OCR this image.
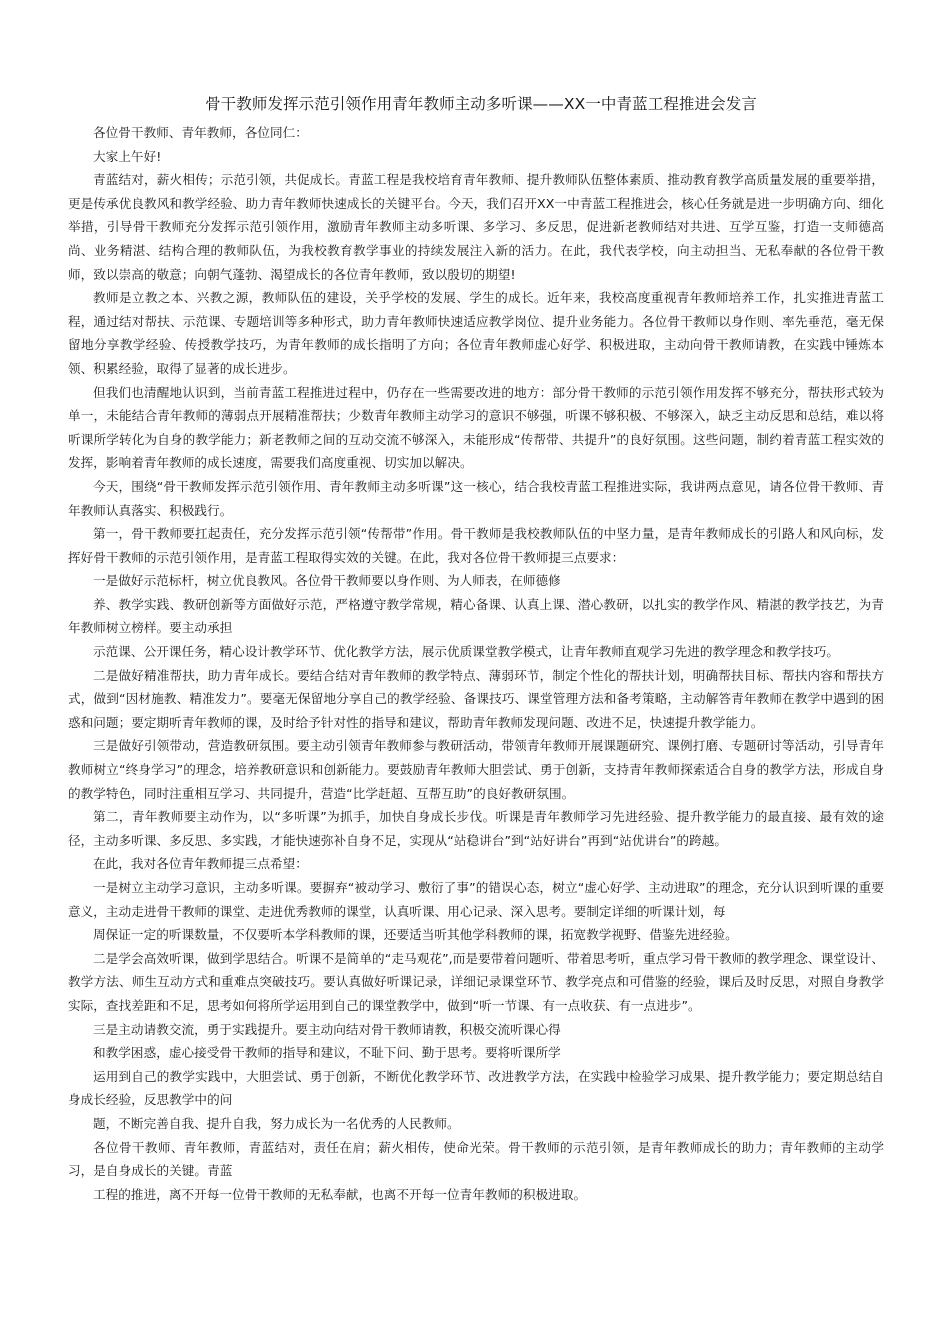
骨干教师发挥示范引领作用青年教师主动多听课——XX一中青蓝工程推进会发言

各位骨干教师、青年教师，各位同仁：

大家上午好!

青蓝结对，薪火相传；示范引领，共促成长。青蓝工程是我校培育青年教师、提升教师队伍整体素质、推动教育教学高质量发展的重要举措，更是传承优良教风和教学经验、助力青年教师快速成长的关键平台。今天，我们召开XX一中青蓝工程推进会，核心任务就是进一步明确方向、细化举措，引导骨干教师充分发挥示范引领作用，激励青年教师主动多听课、多学习、多反思，促进新老教师结对共进、互学互鉴，打造一支师德高尚、业务精湛、结构合理的教师队伍，为我校教育教学事业的持续发展注入新的活力。在此，我代表学校，向主动担当、无私奉献的各位骨干教师，致以崇高的敬意；向朝气蓬勃、渴望成长的各位青年教师，致以殷切的期望!

教师是立教之本、兴教之源，教师队伍的建设，关乎学校的发展、学生的成长。近年来，我校高度重视青年教师培养工作，扎实推进青蓝工程，通过结对帮扶、示范课、专题培训等多种形式，助力青年教师快速适应教学岗位、提升业务能力。各位骨干教师以身作则、率先垂范，毫无保留地分享教学经验、传授教学技巧，为青年教师的成长指明了方向；各位青年教师虚心好学、积极进取，主动向骨干教师请教，在实践中锤炼本领、积累经验，取得了显著的成长进步。

但我们也清醒地认识到，当前青蓝工程推进过程中，仍存在一些需要改进的地方：部分骨干教师的示范引领作用发挥不够充分，帮扶形式较为单一，未能结合青年教师的薄弱点开展精准帮扶；少数青年教师主动学习的意识不够强，听课不够积极、不够深入，缺乏主动反思和总结，难以将听课所学转化为自身的教学能力；新老教师之间的互动交流不够深入，未能形成“传帮带、共提升”的良好氛围。这些问题，制约着青蓝工程实效的发挥，影响着青年教师的成长速度，需要我们高度重视、切实加以解决。

今天，围绕“骨干教师发挥示范引领作用、青年教师主动多听课”这一核心，结合我校青蓝工程推进实际，我讲两点意见，请各位骨干教师、青年教师认真落实、积极践行。

第一，骨干教师要扛起责任，充分发挥示范引领“传帮带”作用。骨干教师是我校教师队伍的中坚力量，是青年教师成长的引路人和风向标，发挥好骨干教师的示范引领作用，是青蓝工程取得实效的关键。在此，我对各位骨干教师提三点要求：

一是做好示范标杆，树立优良教风。各位骨干教师要以身作则、为人师表，在师德修

养、教学实践、教研创新等方面做好示范，严格遵守教学常规，精心备课、认真上课、潜心教研，以扎实的教学作风、精湛的教学技艺，为青年教师树立榜样。要主动承担

示范课、公开课任务，精心设计教学环节、优化教学方法，展示优质课堂教学模式，让青年教师直观学习先进的教学理念和教学技巧。

二是做好精准帮扶，助力青年成长。要结合结对青年教师的教学特点、薄弱环节，制定个性化的帮扶计划，明确帮扶目标、帮扶内容和帮扶方式，做到“因材施教、精准发力”。要毫无保留地分享自己的教学经验、备课技巧、课堂管理方法和备考策略，主动解答青年教师在教学中遇到的困惑和问题；要定期听青年教师的课，及时给予针对性的指导和建议，帮助青年教师发现问题、改进不足，快速提升教学能力。

三是做好引领带动，营造教研氛围。要主动引领青年教师参与教研活动，带领青年教师开展课题研究、课例打磨、专题研讨等活动，引导青年教师树立“终身学习”的理念，培养教研意识和创新能力。要鼓励青年教师大胆尝试、勇于创新，支持青年教师探索适合自身的教学方法，形成自身的教学特色，同时注重相互学习、共同提升，营造“比学赶超、互帮互助”的良好教研氛围。

第二，青年教师要主动作为，以“多听课”为抓手，加快自身成长步伐。听课是青年教师学习先进经验、提升教学能力的最直接、最有效的途径，主动多听课、多反思、多实践，才能快速弥补自身不足，实现从“站稳讲台”到“站好讲台”再到“站优讲台”的跨越。

在此，我对各位青年教师提三点希望：

一是树立主动学习意识，主动多听课。要摒弃“被动学习、敷衍了事”的错误心态，树立“虚心好学、主动进取”的理念，充分认识到听课的重要意义，主动走进骨干教师的课堂、走进优秀教师的课堂，认真听课、用心记录、深入思考。要制定详细的听课计划，每

周保证一定的听课数量，不仅要听本学科教师的课，还要适当听其他学科教师的课，拓宽教学视野、借鉴先进经验。

二是学会高效听课，做到学思结合。听课不是简单的“走马观花”,而是要带着问题听、带着思考听，重点学习骨干教师的教学理念、课堂设计、教学方法、师生互动方式和重难点突破技巧。要认真做好听课记录，详细记录课堂环节、教学亮点和可借鉴的经验，课后及时反思，对照自身教学实际，查找差距和不足，思考如何将所学运用到自己的课堂教学中，做到“听一节课、有一点收获、有一点进步”。

三是主动请教交流，勇于实践提升。要主动向结对骨干教师请教，积极交流听课心得

和教学困惑，虚心接受骨干教师的指导和建议，不耻下问、勤于思考。要将听课所学

运用到自己的教学实践中，大胆尝试、勇于创新，不断优化教学环节、改进教学方法，在实践中检验学习成果、提升教学能力；要定期总结自身成长经验，反思教学中的问

题，不断完善自我、提升自我，努力成长为一名优秀的人民教师。

各位骨干教师、青年教师，青蓝结对，责任在肩；薪火相传，使命光荣。骨干教师的示范引领，是青年教师成长的助力；青年教师的主动学习，是自身成长的关键。青蓝

工程的推进，离不开每一位骨干教师的无私奉献，也离不开每一位青年教师的积极进取。
